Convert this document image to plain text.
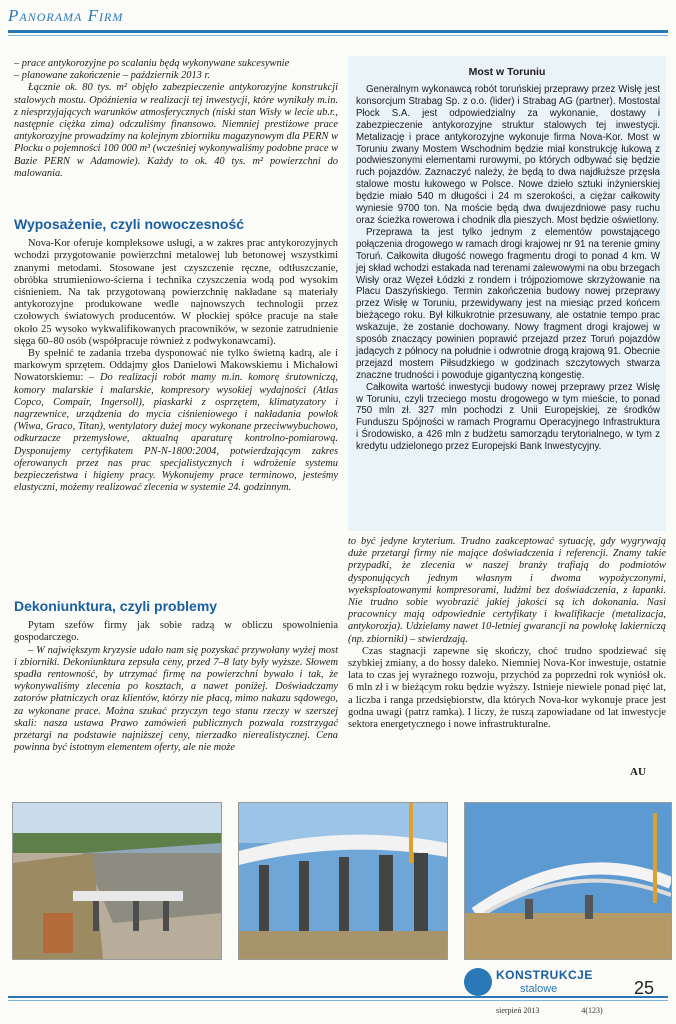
Panorama Firm

– prace antykorozyjne po scalaniu będą wykonywane sukcesywnie

– planowane zakończenie – październik 2013 r.

Łącznie ok. 80 tys. m² objęło zabezpieczenie antykorozyjne konstrukcji stalowych mostu. Opóźnienia w realizacji tej inwestycji, które wynikały m.in. z niesprzyjających warunków atmosferycznych (niski stan Wisły w lecie ub.r., następnie ciężka zima) odczuliśmy finansowo. Niemniej prestiżowe prace antykorozyjne prowadzimy na kolejnym zbiorniku magazynowym dla PERN w Płocku o pojemności 100 000 m³ (wcześniej wykonywaliśmy podobne prace w Bazie PERN w Adamowie). Każdy to ok. 40 tys. m² powierzchni do malowania.

Wyposażenie, czyli nowoczesność

Nova-Kor oferuje kompleksowe usługi, a w zakres prac antykorozyjnych wchodzi przygotowanie powierzchni metalowej lub betonowej wszystkimi znanymi metodami. Stosowane jest czyszczenie ręczne, odtłuszczanie, obróbka strumieniowo-ścierna i technika czyszczenia wodą pod wysokim ciśnieniem. Na tak przygotowaną powierzchnię nakładane są materiały antykorozyjne produkowane wedle najnowszych technologii przez czołowych światowych producentów. W płockiej spółce pracuje na stałe około 25 wysoko wykwalifikowanych pracowników, w sezonie zatrudnienie sięga 60–80 osób (współpracuje również z podwykonawcami).

By spełnić te zadania trzeba dysponować nie tylko świetną kadrą, ale i markowym sprzętem. Oddajmy głos Danielowi Makowskiemu i Michałowi Nowatorskiemu: – Do realizacji robót mamy m.in. komorę śrutowniczą, komory malarskie i malarskie, kompresory wysokiej wydajności (Atlas Copco, Compair, Ingersoll), piaskarki z osprzętem, klimatyzatory i nagrzewnice, urządzenia do mycia ciśnieniowego i nakładania powłok (Wiwa, Graco, Titan), wentylatory dużej mocy wykonane przeciwwybuchowo, odkurzacze przemysłowe, aktualną aparaturę kontrolno-pomiarową. Dysponujemy certyfikatem PN-N-1800:2004, potwierdzającym zakres oferowanych przez nas prac specjalistycznych i wdrożenie systemu bezpieczeństwa i higieny pracy. Wykonujemy prace terminowo, jesteśmy elastyczni, możemy realizować zlecenia w systemie 24. godzinnym.

Dekoniunktura, czyli problemy

Pytam szefów firmy jak sobie radzą w obliczu spowolnienia gospodarczego.

– W największym kryzysie udało nam się pozyskać przywołany wyżej most i zbiorniki. Dekoniunktura zepsuła ceny, przed 7–8 laty były wyższe. Słowem spadła rentowność, by utrzymać firmę na powierzchni bywało i tak, że wykonywaliśmy zlecenia po kosztach, a nawet poniżej. Doświadczamy zatorów płatniczych oraz klientów, którzy nie płacą, mimo nakazu sądowego, za wykonane prace. Można szukać przyczyn tego stanu rzeczy w szerszej skali: nasza ustawa Prawo zamówień publicznych pozwala rozstrzygać przetargi na podstawie najniższej ceny, nierzadko nierealistycznej. Cena powinna być istotnym elementem oferty, ale nie może

Most w Toruniu

Generalnym wykonawcą robót toruńskiej przeprawy przez Wisłę jest konsorcjum Strabag Sp. z o.o. (lider) i Strabag AG (partner). Mostostal Płock S.A. jest odpowiedzialny za wykonanie, dostawy i zabezpieczenie antykorozyjne struktur stalowych tej inwestycji. Metalizację i prace antykorozyjne wykonuje firma Nova-Kor. Most w Toruniu zwany Mostem Wschodnim będzie miał konstrukcję łukową z podwieszonymi elementami rurowymi, po których odbywać się będzie ruch pojazdów. Zaznaczyć należy, że będą to dwa najdłuższe przęsła stalowe mostu łukowego w Polsce. Nowe dzieło sztuki inżynierskiej będzie miało 540 m długości i 24 m szerokości, a ciężar całkowity wyniesie 9700 ton. Na moście będą dwa dwujezdniowe pasy ruchu oraz ścieżka rowerowa i chodnik dla pieszych. Most będzie oświetlony.

Przeprawa ta jest tylko jednym z elementów powstającego połączenia drogowego w ramach drogi krajowej nr 91 na terenie gminy Toruń. Całkowita długość nowego fragmentu drogi to ponad 4 km. W jej skład wchodzi estakada nad terenami zalewowymi na obu brzegach Wisły oraz Węzeł Łódzki z rondem i trójpoziomowe skrzyżowanie na Placu Daszyńskiego. Termin zakończenia budowy nowej przeprawy przez Wisłę w Toruniu, przewidywany jest na miesiąc przed końcem bieżącego roku. Był kilkukrotnie przesuwany, ale ostatnie tempo prac wskazuje, że zostanie dochowany. Nowy fragment drogi krajowej w sposób znaczący powinien poprawić przejazd przez Toruń pojazdów jadących z północy na południe i odwrotnie drogą krajową 91. Obecnie przejazd mostem Piłsudzkiego w godzinach szczytowych stwarza znaczne trudności i powoduje gigantyczną kongestię.

Całkowita wartość inwestycji budowy nowej przeprawy przez Wisłę w Toruniu, czyli trzeciego mostu drogowego w tym mieście, to ponad 750 mln zł. 327 mln pochodzi z Unii Europejskiej, ze środków Funduszu Spójności w ramach Programu Operacyjnego Infrastruktura i Środowisko, a 426 mln z budżetu samorządu terytorialnego, w tym z kredytu udzielonego przez Europejski Bank Inwestycyjny.

to być jedyne kryterium. Trudno zaakceptować sytuację, gdy wygrywają duże przetargi firmy nie mające doświadczenia i referencji. Znamy takie przypadki, że zlecenia w naszej branży trafiają do podmiotów dysponujących jednym własnym i dwoma wypożyczonymi, wyeksploatowanymi kompresorami, ludźmi bez doświadczenia, z łapanki. Nie trudno sobie wyobrazić jakiej jakości są ich dokonania. Nasi pracownicy mają odpowiednie certyfikaty i kwalifikacje (metalizacja, antykorozja). Udzielamy nawet 10-letniej gwarancji na powłokę lakierniczą (np. zbiorniki) – stwierdzają.

Czas stagnacji zapewne się skończy, choć trudno spodziewać się szybkiej zmiany, a do hossy daleko. Niemniej Nova-Kor inwestuje, ostatnie lata to czas jej wyraźnego rozwoju, przychód za poprzedni rok wyniósł ok. 6 mln zł i w bieżącym roku będzie wyższy. Istnieje niewiele ponad pięć lat, a liczba i ranga przedsiębiorstw, dla których Nova-kor wykonuje prace jest godna uwagi (patrz ramka). I liczy, że ruszą zapowiadane od lat inwestycje sektora energetycznego i nowe infrastrukturalne.

AU
KONSTRUKCJE
stalowe
sierpień 2013	4(123)
25
